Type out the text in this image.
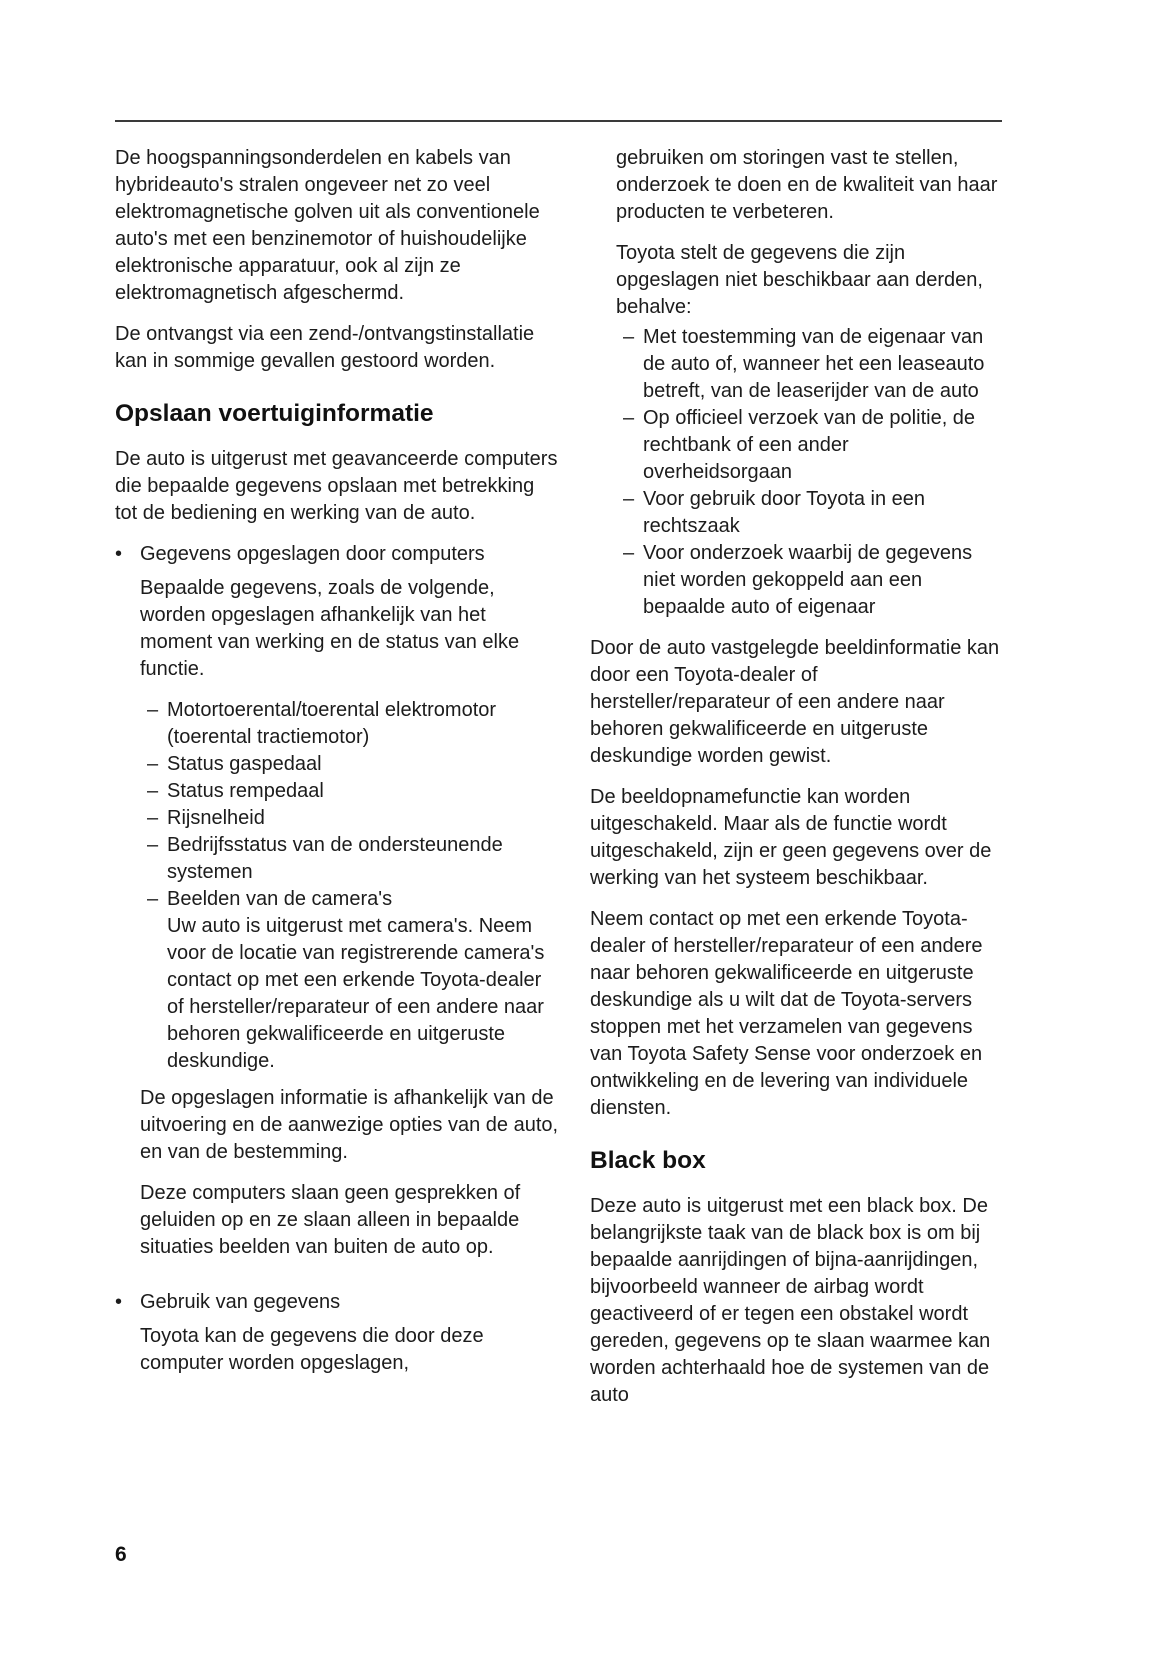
De hoogspanningsonderdelen en kabels van hybrideauto's stralen ongeveer net zo veel elektromagnetische golven uit als conventionele auto's met een benzinemotor of huishoudelijke elektronische apparatuur, ook al zijn ze elektromagnetisch afgeschermd.

De ontvangst via een zend-/ontvangstinstallatie kan in sommige gevallen gestoord worden.

Opslaan voertuiginformatie

De auto is uitgerust met geavanceerde computers die bepaalde gegevens opslaan met betrekking tot de bediening en werking van de auto.

• Gegevens opgeslagen door computers

Bepaalde gegevens, zoals de volgende, worden opgeslagen afhankelijk van het moment van werking en de status van elke functie.

– Motortoerental/toerental elektromotor (toerental tractiemotor)
– Status gaspedaal
– Status rempedaal
– Rijsnelheid
– Bedrijfsstatus van de ondersteunende systemen
– Beelden van de camera's
Uw auto is uitgerust met camera's. Neem voor de locatie van registrerende camera's contact op met een erkende Toyota-dealer of hersteller/reparateur of een andere naar behoren gekwalificeerde en uitgeruste deskundige.

De opgeslagen informatie is afhankelijk van de uitvoering en de aanwezige opties van de auto, en van de bestemming.

Deze computers slaan geen gesprekken of geluiden op en ze slaan alleen in bepaalde situaties beelden van buiten de auto op.

• Gebruik van gegevens

Toyota kan de gegevens die door deze computer worden opgeslagen,

gebruiken om storingen vast te stellen, onderzoek te doen en de kwaliteit van haar producten te verbeteren.

Toyota stelt de gegevens die zijn opgeslagen niet beschikbaar aan derden, behalve:

– Met toestemming van de eigenaar van de auto of, wanneer het een leaseauto betreft, van de leaserijder van de auto
– Op officieel verzoek van de politie, de rechtbank of een ander overheidsorgaan
– Voor gebruik door Toyota in een rechtszaak
– Voor onderzoek waarbij de gegevens niet worden gekoppeld aan een bepaalde auto of eigenaar

Door de auto vastgelegde beeldinformatie kan door een Toyota-dealer of hersteller/reparateur of een andere naar behoren gekwalificeerde en uitgeruste deskundige worden gewist.

De beeldopnamefunctie kan worden uitgeschakeld. Maar als de functie wordt uitgeschakeld, zijn er geen gegevens over de werking van het systeem beschikbaar.

Neem contact op met een erkende Toyota-dealer of hersteller/reparateur of een andere naar behoren gekwalificeerde en uitgeruste deskundige als u wilt dat de Toyota-servers stoppen met het verzamelen van gegevens van Toyota Safety Sense voor onderzoek en ontwikkeling en de levering van individuele diensten.

Black box

Deze auto is uitgerust met een black box. De belangrijkste taak van de black box is om bij bepaalde aanrijdingen of bijna-aanrijdingen, bijvoorbeeld wanneer de airbag wordt geactiveerd of er tegen een obstakel wordt gereden, gegevens op te slaan waarmee kan worden achterhaald hoe de systemen van de auto

6
